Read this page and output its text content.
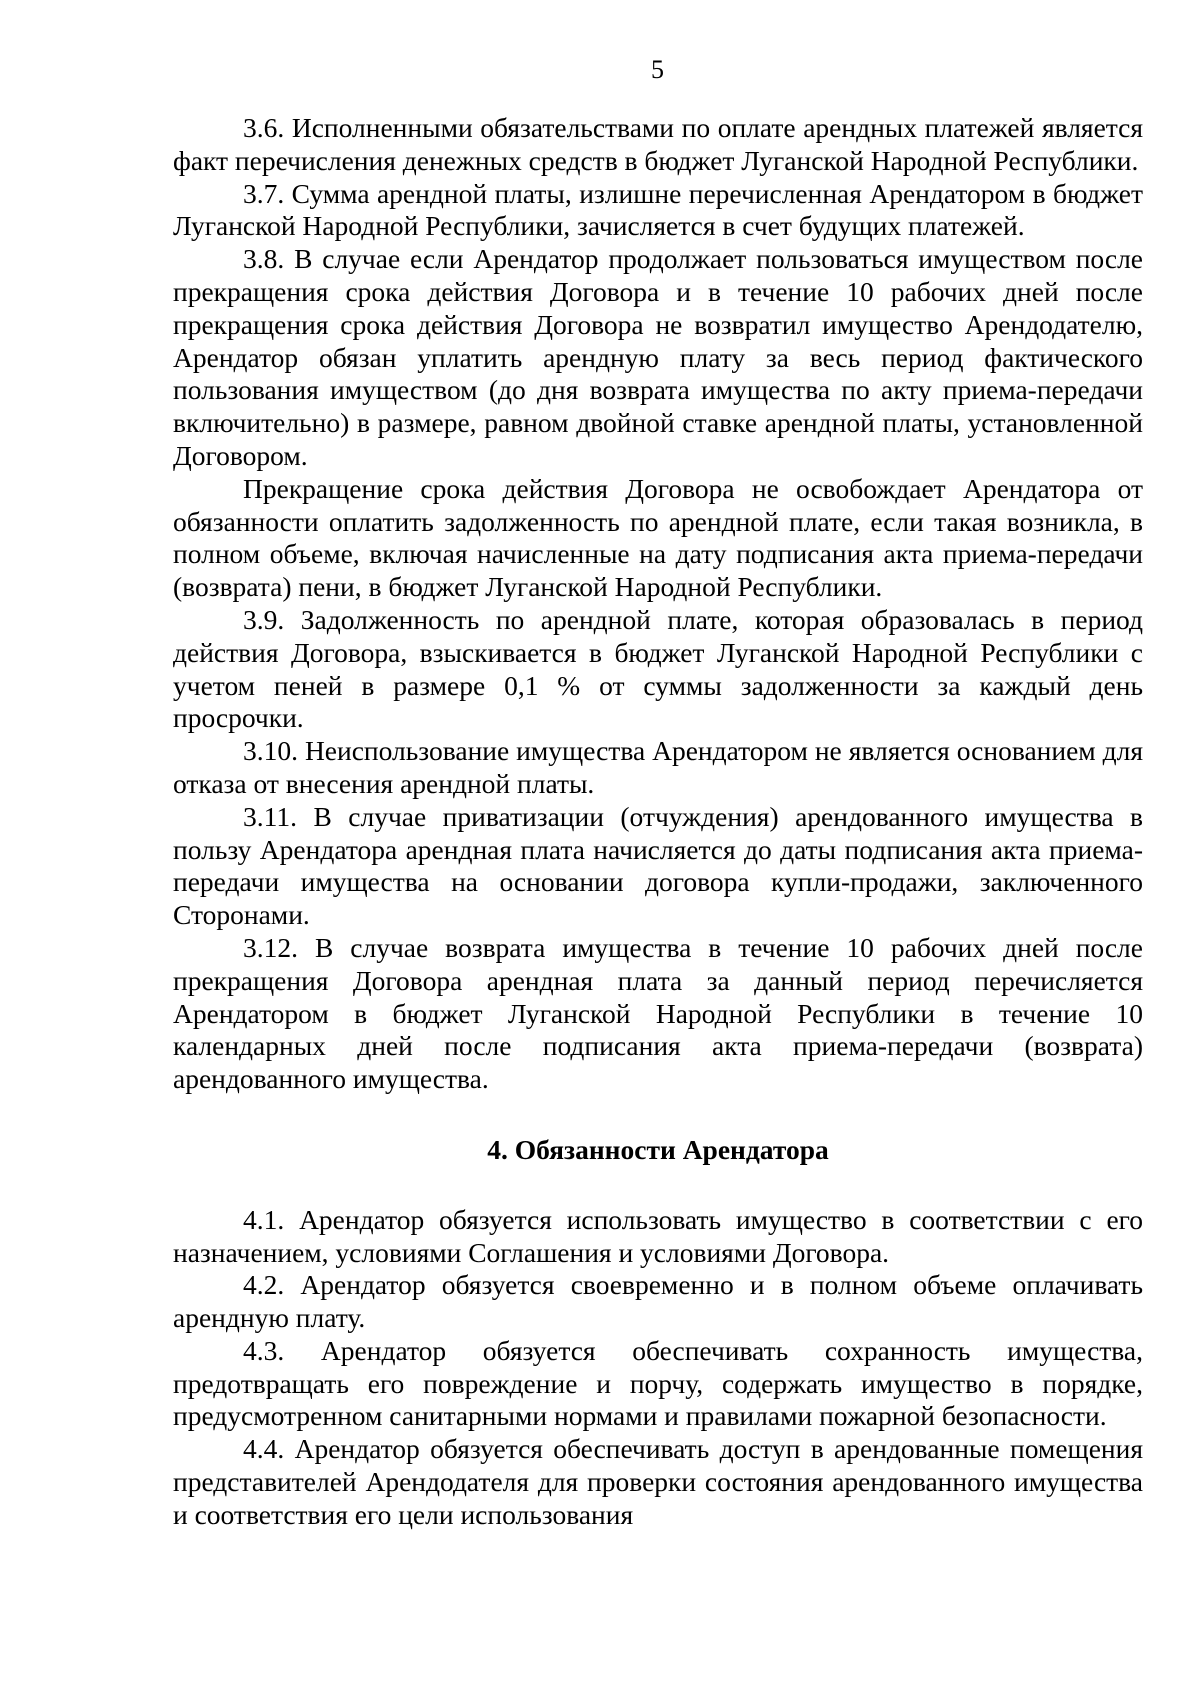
5

3.6. Исполненными обязательствами по оплате арендных платежей является факт перечисления денежных средств в бюджет Луганской Народной Республики.

3.7. Сумма арендной платы, излишне перечисленная Арендатором в бюджет Луганской Народной Республики, зачисляется в счет будущих платежей.

3.8. В случае если Арендатор продолжает пользоваться имуществом после прекращения срока действия Договора и в течение 10 рабочих дней после прекращения срока действия Договора не возвратил имущество Арендодателю, Арендатор обязан уплатить арендную плату за весь период фактического пользования имуществом (до дня возврата имущества по акту приема-передачи включительно) в размере, равном двойной ставке арендной платы, установленной Договором.

Прекращение срока действия Договора не освобождает Арендатора от обязанности оплатить задолженность по арендной плате, если такая возникла, в полном объеме, включая начисленные на дату подписания акта приема-передачи (возврата) пени, в бюджет Луганской Народной Республики.

3.9. Задолженность по арендной плате, которая образовалась в период действия Договора, взыскивается в бюджет Луганской Народной Республики с учетом пеней в размере 0,1 % от суммы задолженности за каждый день просрочки.

3.10. Неиспользование имущества Арендатором не является основанием для отказа от внесения арендной платы.

3.11. В случае приватизации (отчуждения) арендованного имущества в пользу Арендатора арендная плата начисляется до даты подписания акта приема-передачи имущества на основании договора купли-продажи, заключенного Сторонами.

3.12. В случае возврата имущества в течение 10 рабочих дней после прекращения Договора арендная плата за данный период перечисляется Арендатором в бюджет Луганской Народной Республики в течение 10 календарных дней после подписания акта приема-передачи (возврата) арендованного имущества.

4. Обязанности Арендатора

4.1. Арендатор обязуется использовать имущество в соответствии с его назначением, условиями Соглашения и условиями Договора.

4.2. Арендатор обязуется своевременно и в полном объеме оплачивать арендную плату.

4.3. Арендатор обязуется обеспечивать сохранность имущества, предотвращать его повреждение и порчу, содержать имущество в порядке, предусмотренном санитарными нормами и правилами пожарной безопасности.

4.4. Арендатор обязуется обеспечивать доступ в арендованные помещения представителей Арендодателя для проверки состояния арендованного имущества и соответствия его цели использования
